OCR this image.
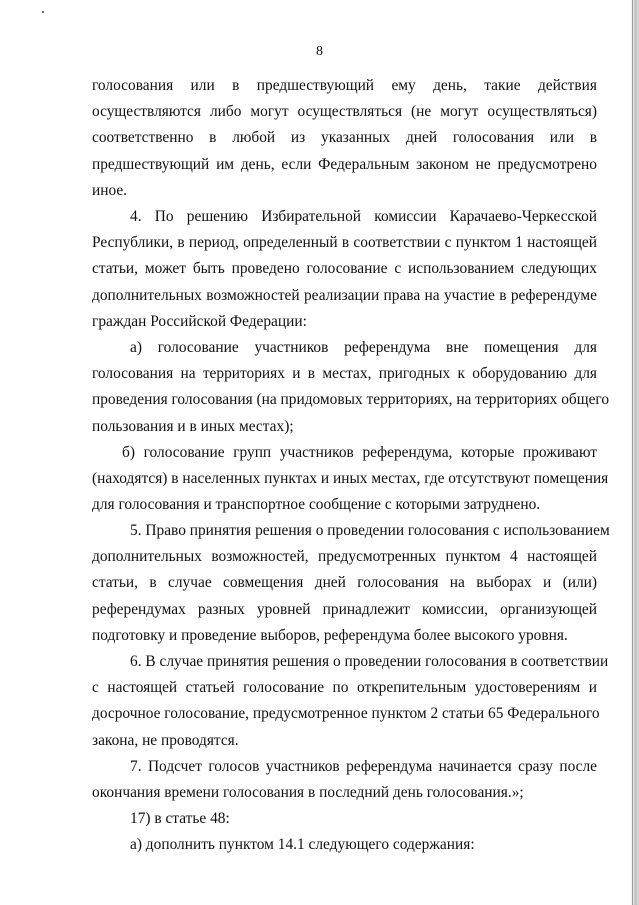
8
голосования или в предшествующий ему день, такие действия
осуществляются либо могут осуществляться (не могут осуществляться)
соответственно в любой из указанных дней голосования или в
предшествующий им день, если Федеральным законом не предусмотрено
иное.
4. По решению Избирательной комиссии Карачаево-Черкесской
Республики, в период, определенный в соответствии с пунктом 1 настоящей
статьи, может быть проведено голосование с использованием следующих
дополнительных возможностей реализации права на участие в референдуме
граждан Российской Федерации:
а) голосование участников референдума вне помещения для
голосования на территориях и в местах, пригодных к оборудованию для
проведения голосования (на придомовых территориях, на территориях общего
пользования и в иных местах);
б) голосование групп участников референдума, которые проживают
(находятся) в населенных пунктах и иных местах, где отсутствуют помещения
для голосования и транспортное сообщение с которыми затруднено.
5. Право принятия решения о проведении голосования с использованием
дополнительных возможностей, предусмотренных пунктом 4 настоящей
статьи, в случае совмещения дней голосования на выборах и (или)
референдумах разных уровней принадлежит комиссии, организующей
подготовку и проведение выборов, референдума более высокого уровня.
6. В случае принятия решения о проведении голосования в соответствии
с настоящей статьей голосование по открепительным удостоверениям и
досрочное голосование, предусмотренное пунктом 2 статьи 65 Федерального
закона, не проводятся.
7. Подсчет голосов участников референдума начинается сразу после
окончания времени голосования в последний день голосования.»;
17) в статье 48:
а) дополнить пунктом 14.1 следующего содержания:
